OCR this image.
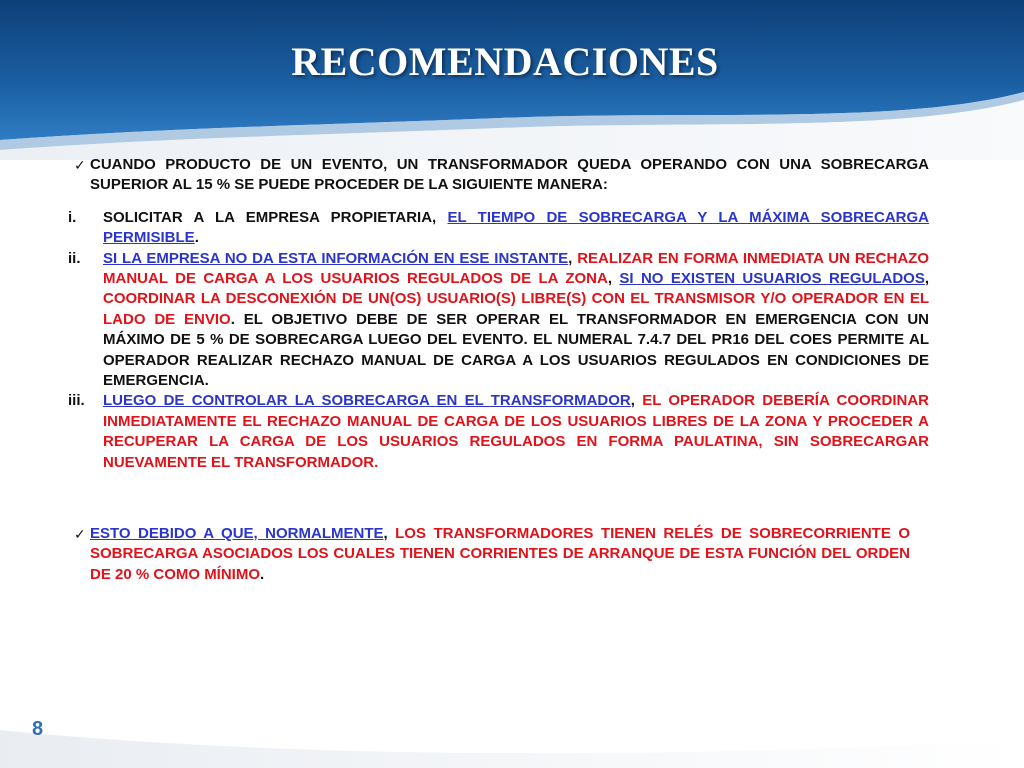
RECOMENDACIONES
✓ CUANDO PRODUCTO DE UN EVENTO, UN TRANSFORMADOR QUEDA OPERANDO CON UNA SOBRECARGA SUPERIOR AL 15 % SE PUEDE PROCEDER DE LA SIGUIENTE MANERA:
i.	SOLICITAR A LA EMPRESA PROPIETARIA, EL TIEMPO DE SOBRECARGA Y LA MÁXIMA SOBRECARGA PERMISIBLE.
ii.	SI LA EMPRESA NO DA ESTA INFORMACIÓN EN ESE INSTANTE, REALIZAR EN FORMA INMEDIATA UN RECHAZO MANUAL DE CARGA A LOS USUARIOS REGULADOS DE LA ZONA, SI NO EXISTEN USUARIOS REGULADOS, COORDINAR LA DESCONEXIÓN DE UN(OS) USUARIO(S) LIBRE(S) CON EL TRANSMISOR Y/O OPERADOR EN EL LADO DE ENVIO. EL OBJETIVO DEBE DE SER OPERAR EL TRANSFORMADOR EN EMERGENCIA CON UN MÁXIMO DE 5 % DE SOBRECARGA LUEGO DEL EVENTO. EL NUMERAL 7.4.7 DEL PR16 DEL COES PERMITE AL OPERADOR REALIZAR RECHAZO MANUAL DE CARGA A LOS USUARIOS REGULADOS EN CONDICIONES DE EMERGENCIA.
iii.	LUEGO DE CONTROLAR LA SOBRECARGA EN EL TRANSFORMADOR, EL OPERADOR DEBERÍA COORDINAR INMEDIATAMENTE EL RECHAZO MANUAL DE CARGA DE LOS USUARIOS LIBRES DE LA ZONA Y PROCEDER A RECUPERAR LA CARGA DE LOS USUARIOS REGULADOS EN FORMA PAULATINA, SIN SOBRECARGAR NUEVAMENTE EL TRANSFORMADOR.
✓ ESTO DEBIDO A QUE, NORMALMENTE, LOS TRANSFORMADORES TIENEN RELÉS DE SOBRECORRIENTE O SOBRECARGA ASOCIADOS LOS CUALES TIENEN CORRIENTES DE ARRANQUE DE ESTA FUNCIÓN DEL ORDEN DE 20 % COMO MÍNIMO.
8
